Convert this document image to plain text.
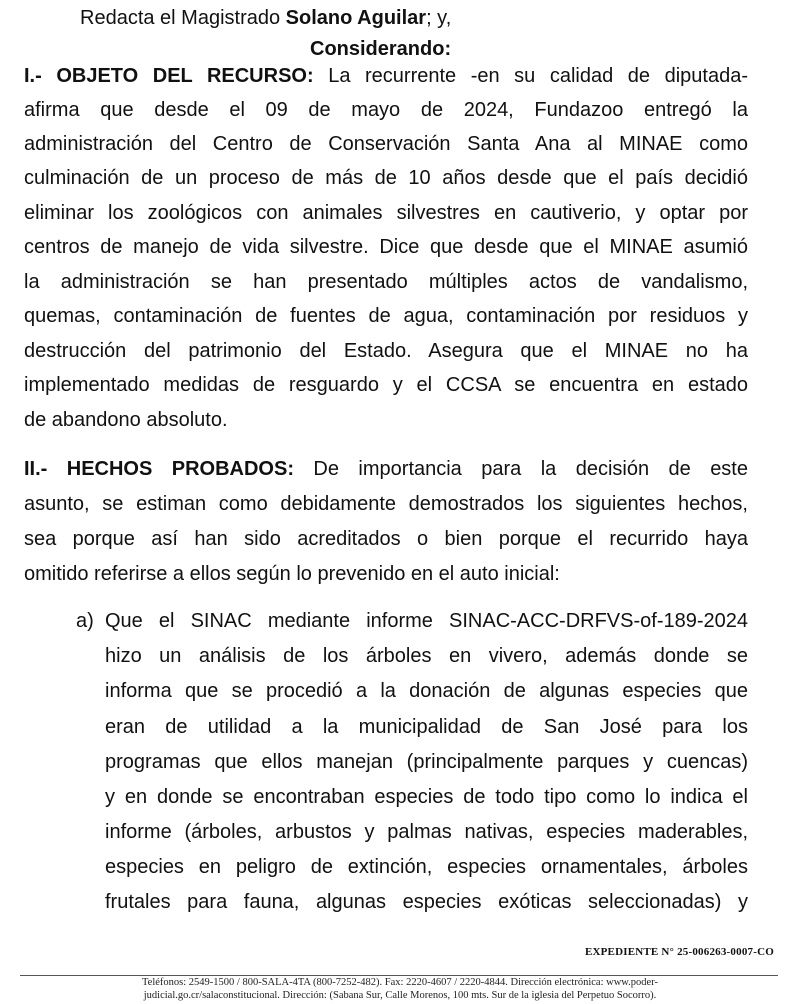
Redacta el Magistrado Solano Aguilar; y,
Considerando:
I.- OBJETO DEL RECURSO: La recurrente -en su calidad de diputada-
afirma que desde el 09 de mayo de 2024, Fundazoo entregó la
administración del Centro de Conservación Santa Ana al MINAE como
culminación de un proceso de más de 10 años desde que el país decidió
eliminar los zoológicos con animales silvestres en cautiverio, y optar por
centros de manejo de vida silvestre. Dice que desde que el MINAE asumió
la administración se han presentado múltiples actos de vandalismo,
quemas, contaminación de fuentes de agua, contaminación por residuos y
destrucción del patrimonio del Estado. Asegura que el MINAE no ha
implementado medidas de resguardo y el CCSA se encuentra en estado
de abandono absoluto.
II.- HECHOS PROBADOS: De importancia para la decisión de este
asunto, se estiman como debidamente demostrados los siguientes hechos,
sea porque así han sido acreditados o bien porque el recurrido haya
omitido referirse a ellos según lo prevenido en el auto inicial:
a) Que el SINAC mediante informe SINAC-ACC-DRFVS-of-189-2024
hizo un análisis de los árboles en vivero, además donde se
informa que se procedió a la donación de algunas especies que
eran de utilidad a la municipalidad de San José para los
programas que ellos manejan (principalmente parques y cuencas)
y en donde se encontraban especies de todo tipo como lo indica el
informe (árboles, arbustos y palmas nativas, especies maderables,
especies en peligro de extinción, especies ornamentales, árboles
frutales para fauna, algunas especies exóticas seleccionadas) y
EXPEDIENTE N° 25-006263-0007-CO
Teléfonos: 2549-1500 / 800-SALA-4TA (800-7252-482). Fax: 2220-4607 / 2220-4844. Dirección electrónica: www.poder-
judicial.go.cr/salaconstitucional. Dirección: (Sabana Sur, Calle Morenos, 100 mts. Sur de la iglesia del Perpetuo Socorro).
